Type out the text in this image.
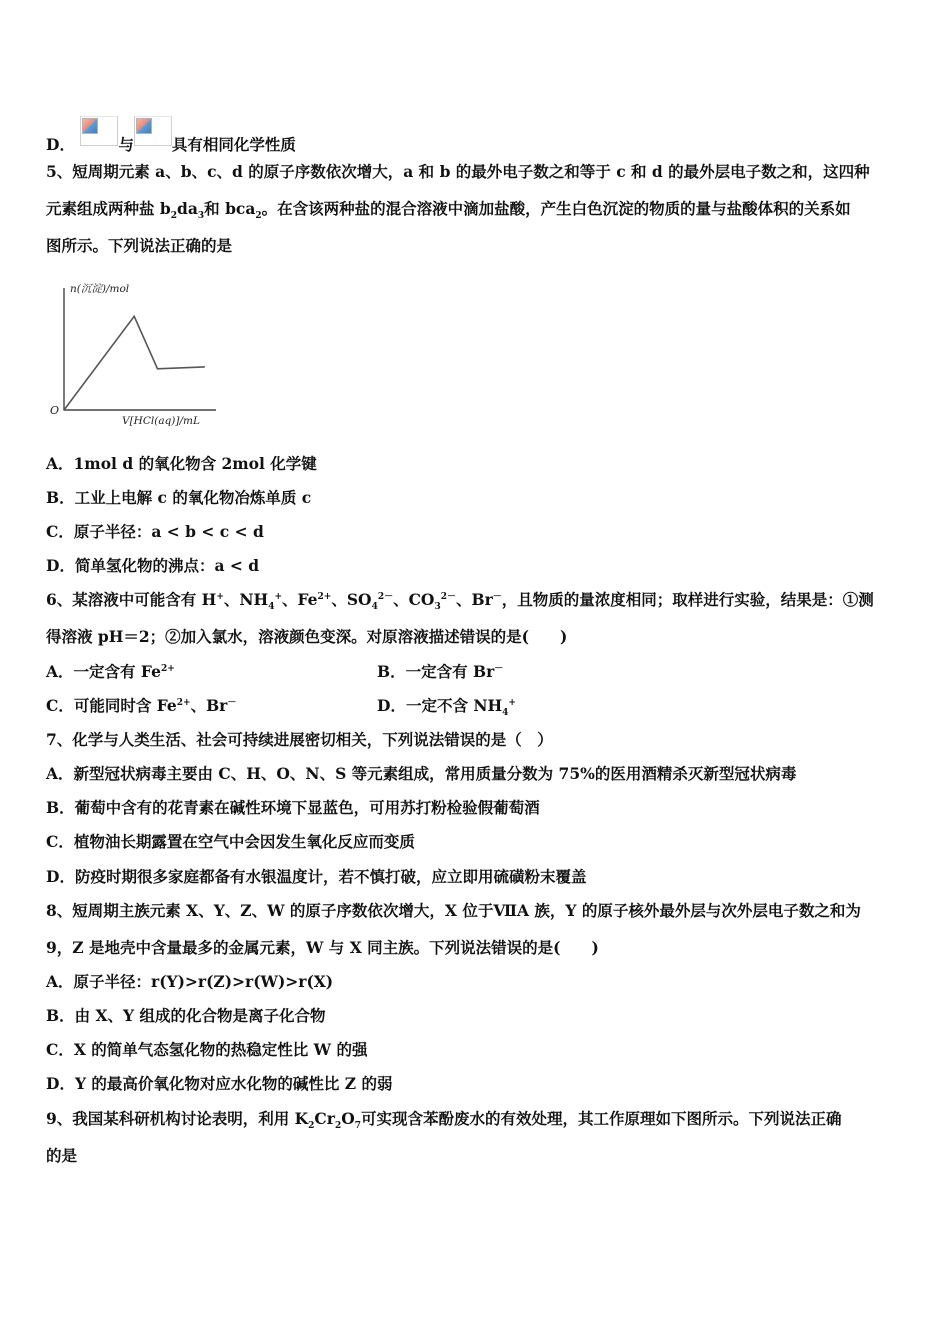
D．	与 具有相同化学性质
5、短周期元素 a、b、c、d 的原子序数依次增大，a 和 b 的最外电子数之和等于 c 和 d 的最外层电子数之和，这四种
元素组成两种盐 $b_2da_3$和 bca$_2$。在含该两种盐的混合溶液中滴加盐酸，产生白色沉淀的物质的量与盐酸体积的关系如
图所示。下列说法正确的是
n(沉淀)/mol
V[HCl(aq)]/mL
O
A．1mol d 的氧化物含 2mol 化学键
B．工业上电解 c 的氧化物冶炼单质 c
C．原子半径：a < b < c < d
D．简单氢化物的沸点：a < d
6、某溶液中可能含有 H+、$NH_4^+$、$Fe^{2+}$、$SO_4^{2-}$、$CO_3^{2-}$、Br－，且物质的量浓度相同；取样进行实验，结果是：①测
得溶液 pH＝2；②加入氯水，溶液颜色变深。对原溶液描述错误的是(　　)
A．一定含有 $Fe^{2+}$	B．一定含有 Br－
C．可能同时含 $Fe^{2+}$、Br－	D．一定不含 $NH_4^+$
7、化学与人类生活、社会可持续进展密切相关，下列说法错误的是（　）
A．新型冠状病毒主要由 C、H、O、N、S 等元素组成，常用质量分数为 75%的医用酒精杀灭新型冠状病毒
B．葡萄中含有的花青素在碱性环境下显蓝色，可用苏打粉检验假葡萄酒
C．植物油长期露置在空气中会因发生氧化反应而变质
D．防疫时期很多家庭都备有水银温度计，若不慎打破，应立即用硫磺粉末覆盖
8、短周期主族元素 X、Y、Z、W 的原子序数依次增大，X 位于ⅦA 族，Y 的原子核外最外层与次外层电子数之和为
9，Z 是地壳中含量最多的金属元素，W 与 X 同主族。下列说法错误的是(　　)
A．原子半径：r(Y)>r(Z)>r(W)>r(X)
B．由 X、Y 组成的化合物是离子化合物
C．X 的简单气态氢化物的热稳定性比 W 的强
D．Y 的最高价氧化物对应水化物的碱性比 Z 的弱
9、我国某科研机构讨论表明，利用 $K_2Cr_2O_7$可实现含苯酚废水的有效处理，其工作原理如下图所示。下列说法正确
的是
